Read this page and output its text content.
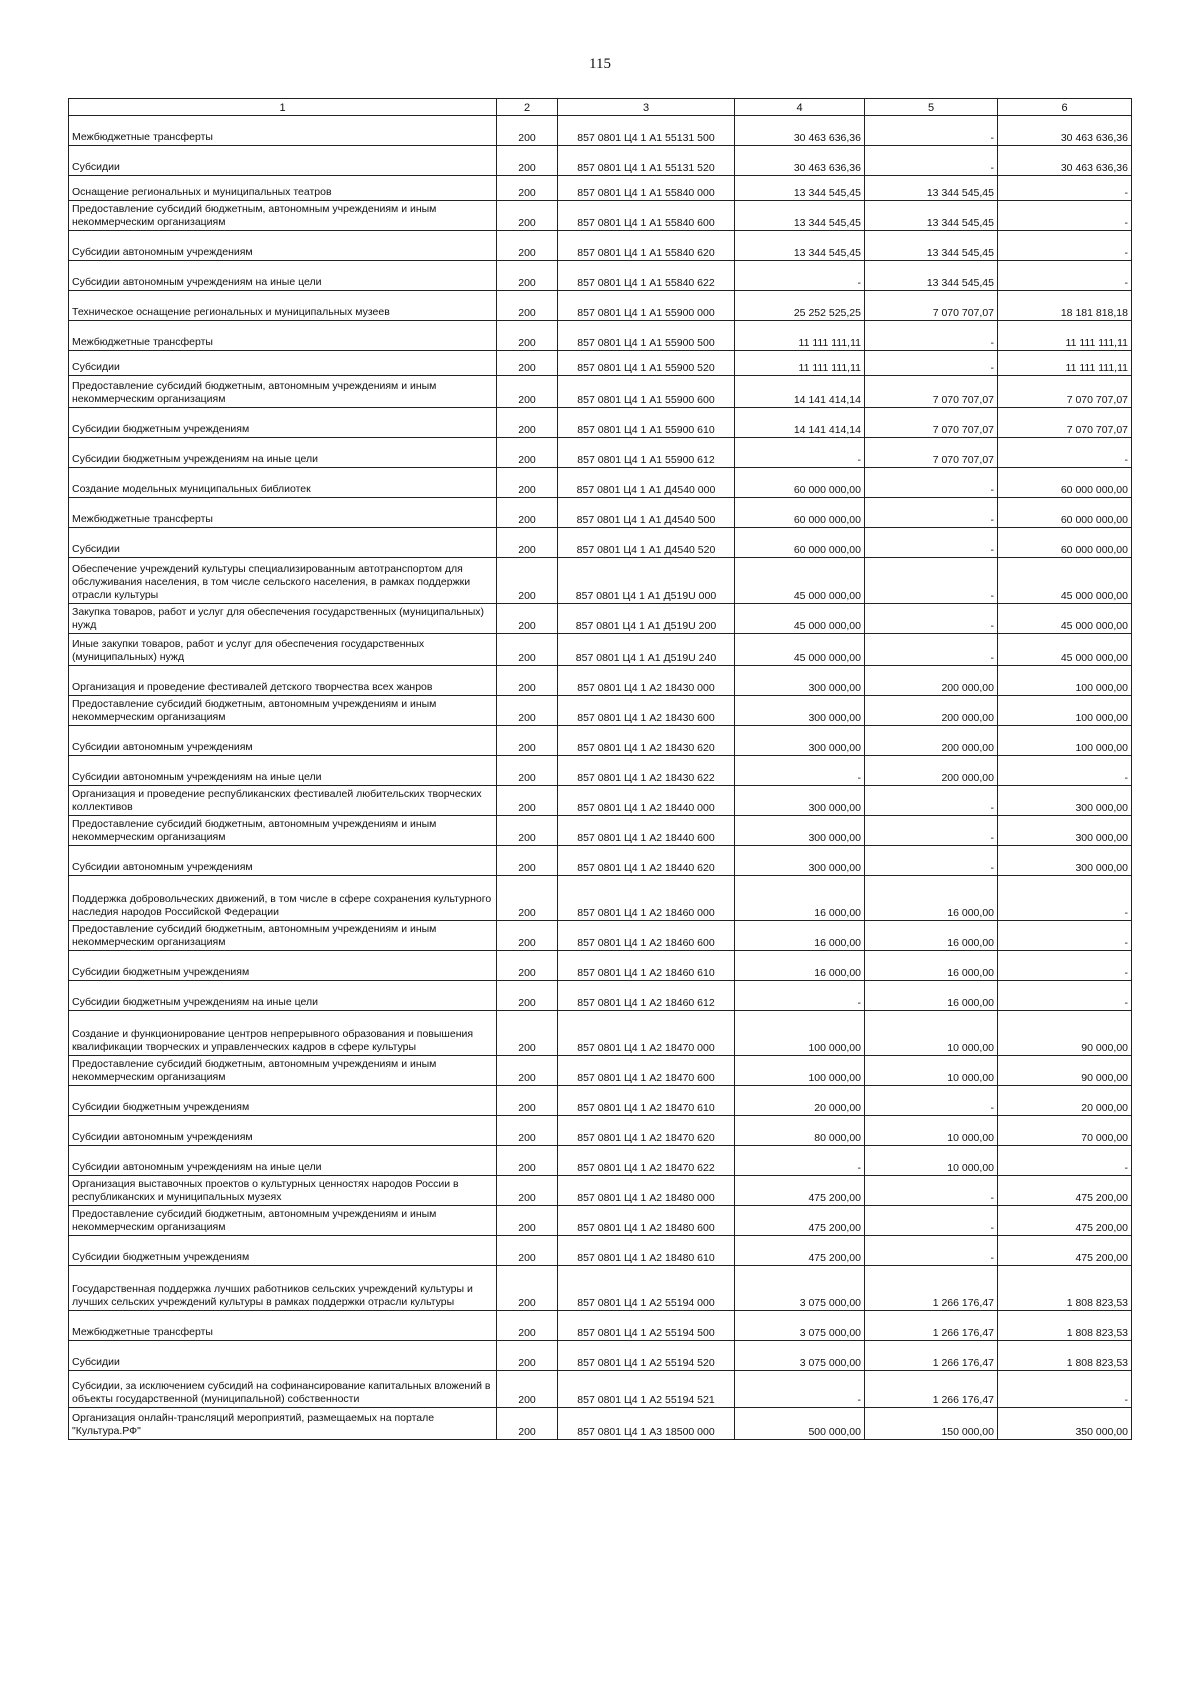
115
1	2	3	4	5	6
Межбюджетные трансферты	200	857 0801 Ц4 1 А1 55131 500	30 463 636,36	-	30 463 636,36
Субсидии	200	857 0801 Ц4 1 А1 55131 520	30 463 636,36	-	30 463 636,36
Оснащение региональных и муниципальных театров	200	857 0801 Ц4 1 А1 55840 000	13 344 545,45	13 344 545,45	-
Предоставление субсидий бюджетным, автономным учреждениям и иным некоммерческим организациям	200	857 0801 Ц4 1 А1 55840 600	13 344 545,45	13 344 545,45	-
Субсидии автономным учреждениям	200	857 0801 Ц4 1 А1 55840 620	13 344 545,45	13 344 545,45	-
Субсидии автономным учреждениям на иные цели	200	857 0801 Ц4 1 А1 55840 622	-	13 344 545,45	-
Техническое оснащение региональных и муниципальных музеев	200	857 0801 Ц4 1 А1 55900 000	25 252 525,25	7 070 707,07	18 181 818,18
Межбюджетные трансферты	200	857 0801 Ц4 1 А1 55900 500	11 111 111,11	-	11 111 111,11
Субсидии	200	857 0801 Ц4 1 А1 55900 520	11 111 111,11	-	11 111 111,11
Предоставление субсидий бюджетным, автономным учреждениям и иным некоммерческим организациям	200	857 0801 Ц4 1 А1 55900 600	14 141 414,14	7 070 707,07	7 070 707,07
Субсидии бюджетным учреждениям	200	857 0801 Ц4 1 А1 55900 610	14 141 414,14	7 070 707,07	7 070 707,07
Субсидии бюджетным учреждениям на иные цели	200	857 0801 Ц4 1 А1 55900 612	-	7 070 707,07	-
Создание модельных муниципальных библиотек	200	857 0801 Ц4 1 А1 Д4540 000	60 000 000,00	-	60 000 000,00
Межбюджетные трансферты	200	857 0801 Ц4 1 А1 Д4540 500	60 000 000,00	-	60 000 000,00
Субсидии	200	857 0801 Ц4 1 А1 Д4540 520	60 000 000,00	-	60 000 000,00
Обеспечение учреждений культуры специализированным автотранспортом для обслуживания населения, в том числе сельского населения, в рамках поддержки отрасли культуры	200	857 0801 Ц4 1 А1 Д519U 000	45 000 000,00	-	45 000 000,00
Закупка товаров, работ и услуг для обеспечения государственных (муниципальных) нужд	200	857 0801 Ц4 1 А1 Д519U 200	45 000 000,00	-	45 000 000,00
Иные закупки товаров, работ и услуг для обеспечения государственных (муниципальных) нужд	200	857 0801 Ц4 1 А1 Д519U 240	45 000 000,00	-	45 000 000,00
Организация и проведение фестивалей детского творчества всех жанров	200	857 0801 Ц4 1 А2 18430 000	300 000,00	200 000,00	100 000,00
Предоставление субсидий бюджетным, автономным учреждениям и иным некоммерческим организациям	200	857 0801 Ц4 1 А2 18430 600	300 000,00	200 000,00	100 000,00
Субсидии автономным учреждениям	200	857 0801 Ц4 1 А2 18430 620	300 000,00	200 000,00	100 000,00
Субсидии автономным учреждениям на иные цели	200	857 0801 Ц4 1 А2 18430 622	-	200 000,00	-
Организация и проведение республиканских фестивалей любительских творческих коллективов	200	857 0801 Ц4 1 А2 18440 000	300 000,00	-	300 000,00
Предоставление субсидий бюджетным, автономным учреждениям и иным некоммерческим организациям	200	857 0801 Ц4 1 А2 18440 600	300 000,00	-	300 000,00
Субсидии автономным учреждениям	200	857 0801 Ц4 1 А2 18440 620	300 000,00	-	300 000,00
Поддержка добровольческих движений, в том числе в сфере сохранения культурного наследия народов Российской Федерации	200	857 0801 Ц4 1 А2 18460 000	16 000,00	16 000,00	-
Предоставление субсидий бюджетным, автономным учреждениям и иным некоммерческим организациям	200	857 0801 Ц4 1 А2 18460 600	16 000,00	16 000,00	-
Субсидии бюджетным учреждениям	200	857 0801 Ц4 1 А2 18460 610	16 000,00	16 000,00	-
Субсидии бюджетным учреждениям на иные цели	200	857 0801 Ц4 1 А2 18460 612	-	16 000,00	-
Создание и функционирование центров непрерывного образования и повышения квалификации творческих и управленческих кадров в сфере культуры	200	857 0801 Ц4 1 А2 18470 000	100 000,00	10 000,00	90 000,00
Предоставление субсидий бюджетным, автономным учреждениям и иным некоммерческим организациям	200	857 0801 Ц4 1 А2 18470 600	100 000,00	10 000,00	90 000,00
Субсидии бюджетным учреждениям	200	857 0801 Ц4 1 А2 18470 610	20 000,00	-	20 000,00
Субсидии автономным учреждениям	200	857 0801 Ц4 1 А2 18470 620	80 000,00	10 000,00	70 000,00
Субсидии автономным учреждениям на иные цели	200	857 0801 Ц4 1 А2 18470 622	-	10 000,00	-
Организация выставочных проектов о культурных ценностях народов России в республиканских и муниципальных музеях	200	857 0801 Ц4 1 А2 18480 000	475 200,00	-	475 200,00
Предоставление субсидий бюджетным, автономным учреждениям и иным некоммерческим организациям	200	857 0801 Ц4 1 А2 18480 600	475 200,00	-	475 200,00
Субсидии бюджетным учреждениям	200	857 0801 Ц4 1 А2 18480 610	475 200,00	-	475 200,00
Государственная поддержка лучших работников сельских учреждений культуры и лучших сельских учреждений культуры в рамках поддержки отрасли культуры	200	857 0801 Ц4 1 А2 55194 000	3 075 000,00	1 266 176,47	1 808 823,53
Межбюджетные трансферты	200	857 0801 Ц4 1 А2 55194 500	3 075 000,00	1 266 176,47	1 808 823,53
Субсидии	200	857 0801 Ц4 1 А2 55194 520	3 075 000,00	1 266 176,47	1 808 823,53
Субсидии, за исключением субсидий на софинансирование капитальных вложений в объекты государственной (муниципальной) собственности	200	857 0801 Ц4 1 А2 55194 521	-	1 266 176,47	-
Организация онлайн-трансляций мероприятий, размещаемых на портале "Культура.РФ"	200	857 0801 Ц4 1 А3 18500 000	500 000,00	150 000,00	350 000,00
